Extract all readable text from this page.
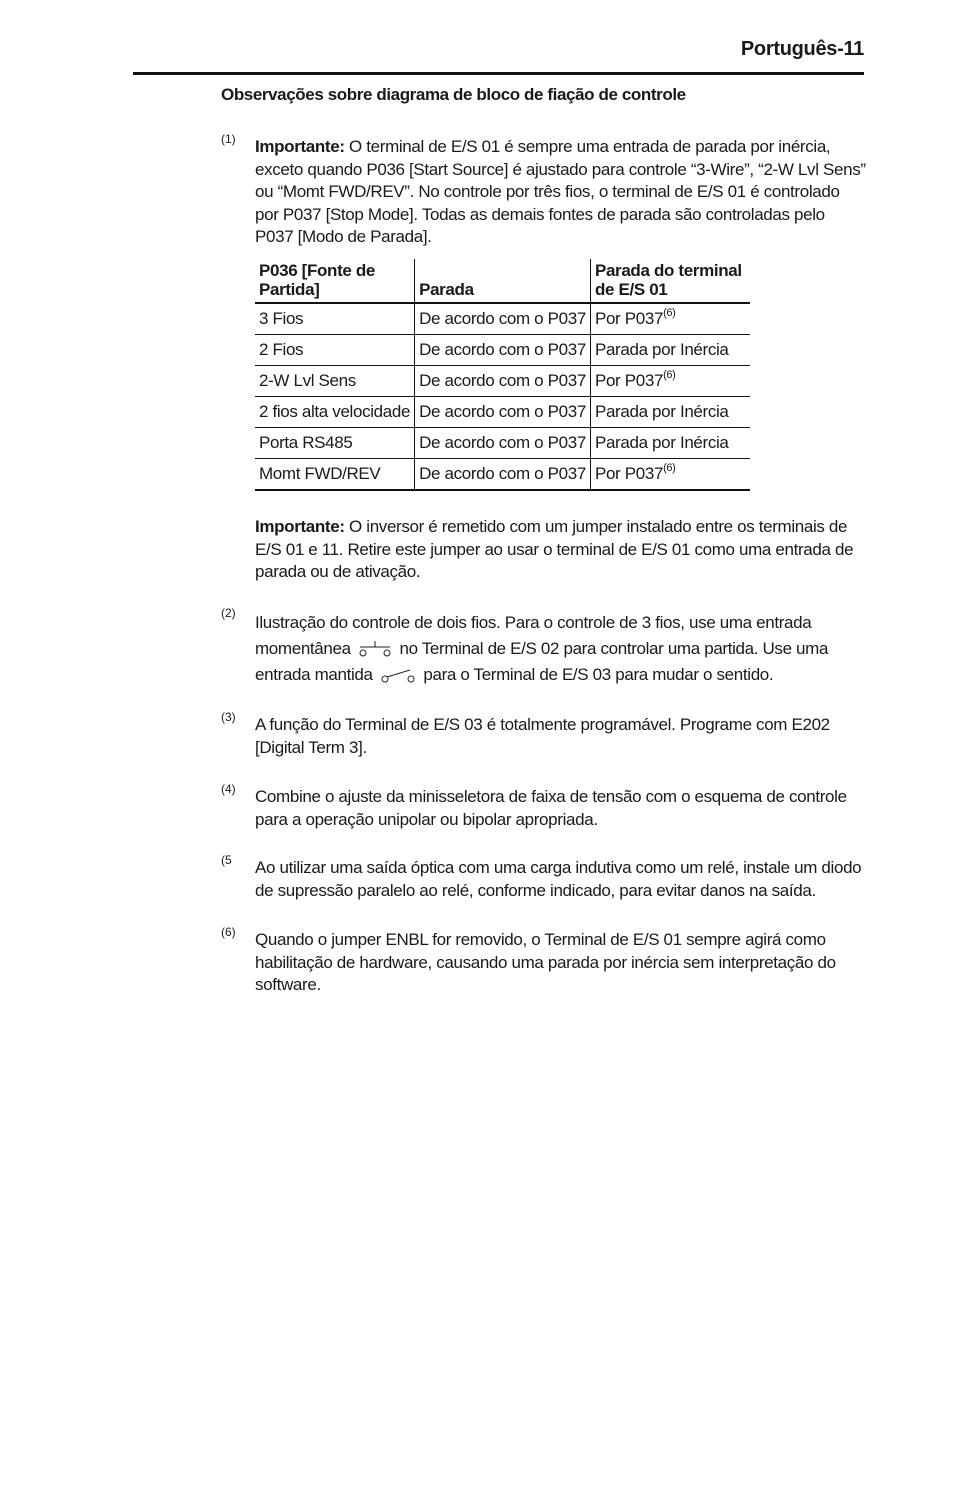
Português-11
Observações sobre diagrama de bloco de fiação de controle
(1) Importante: O terminal de E/S 01 é sempre uma entrada de parada por inércia, exceto quando P036 [Start Source] é ajustado para controle “3-Wire”, “2-W Lvl Sens” ou “Momt FWD/REV”. No controle por três fios, o terminal de E/S 01 é controlado por P037 [Stop Mode]. Todas as demais fontes de parada são controladas pelo P037 [Modo de Parada].
P036 [Fonte de Partida]	Parada	Parada do terminal de E/S 01
3 Fios	De acordo com o P037	Por P037$^{(6)}$
2 Fios	De acordo com o P037	Parada por Inércia
2-W Lvl Sens	De acordo com o P037	Por P037$^{(6)}$
2 fios alta velocidade	De acordo com o P037	Parada por Inércia
Porta RS485	De acordo com o P037	Parada por Inércia
Momt FWD/REV	De acordo com o P037	Por P037$^{(6)}$
Importante: O inversor é remetido com um jumper instalado entre os terminais de E/S 01 e 11. Retire este jumper ao usar o terminal de E/S 01 como uma entrada de parada ou de ativação.
(2) Ilustração do controle de dois fios. Para o controle de 3 fios, use uma entrada momentânea	no Terminal de E/S 02 para controlar uma partida. Use uma entrada mantida	para o Terminal de E/S 03 para mudar o sentido.
(3) A função do Terminal de E/S 03 é totalmente programável. Programe com E202 [Digital Term 3].
(4) Combine o ajuste da minisseletora de faixa de tensão com o esquema de controle para a operação unipolar ou bipolar apropriada.
(5 Ao utilizar uma saída óptica com uma carga indutiva como um relé, instale um diodo de supressão paralelo ao relé, conforme indicado, para evitar danos na saída.
(6) Quando o jumper ENBL for removido, o Terminal de E/S 01 sempre agirá como habilitação de hardware, causando uma parada por inércia sem interpretação do software.
